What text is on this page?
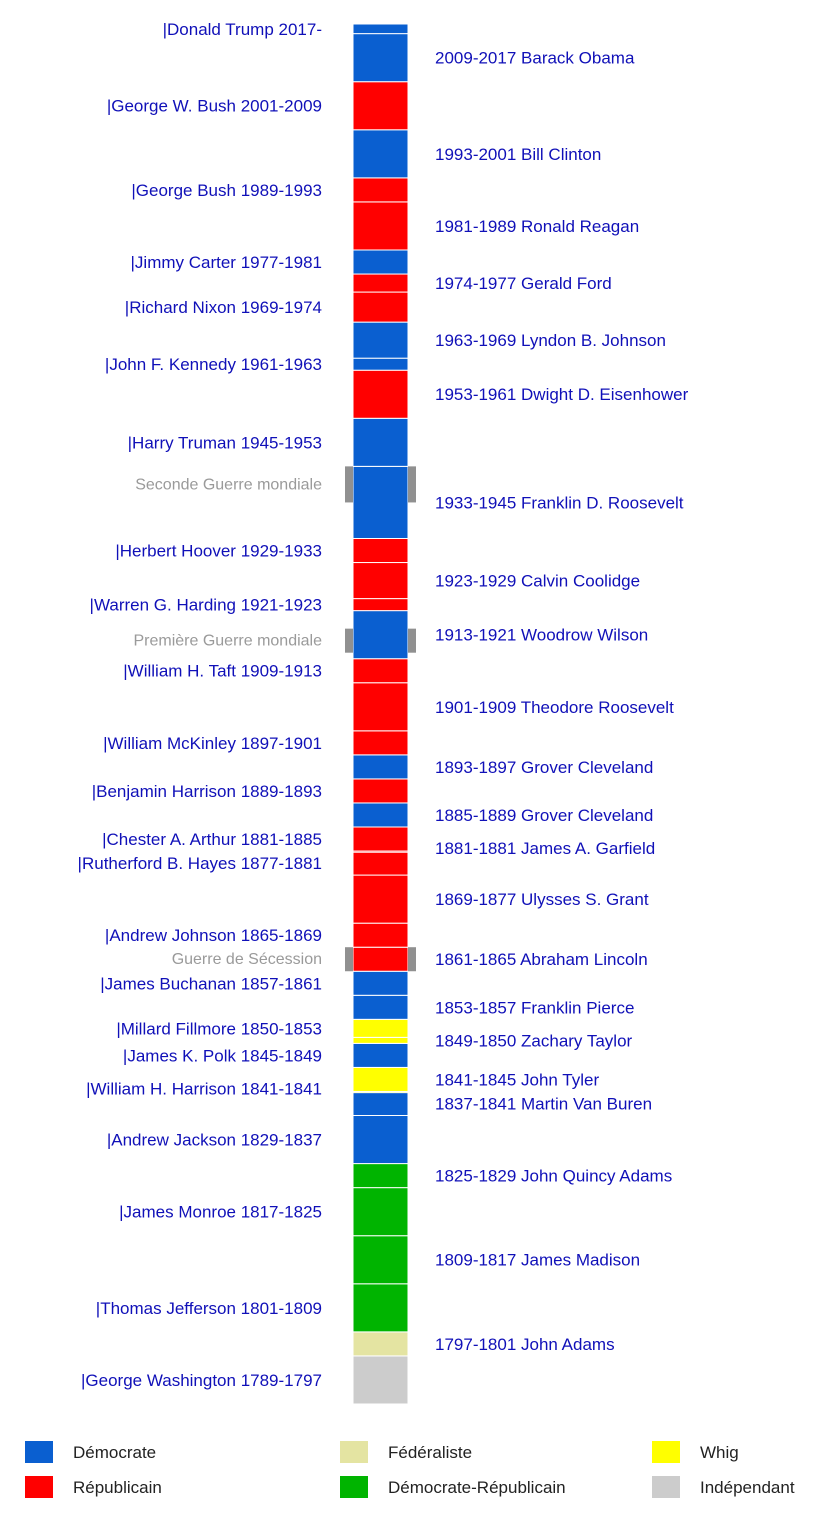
Seconde Guerre mondiale
Première Guerre mondiale
Guerre de Sécession
|George Washington 1789-1797
1797-1801 John Adams
|Thomas Jefferson 1801-1809
1809-1817 James Madison
|James Monroe 1817-1825
1825-1829 John Quincy Adams
|Andrew Jackson 1829-1837
1837-1841 Martin Van Buren
|William H. Harrison 1841-1841	1841-1845 John Tyler
|James K. Polk 1845-1849
1849-1850 Zachary Taylor
|Millard Fillmore 1850-1853
1853-1857 Franklin Pierce
|James Buchanan 1857-1861
1861-1865 Abraham Lincoln
|Andrew Johnson 1865-1869
1869-1877 Ulysses S. Grant
|Rutherford B. Hayes 1877-1881
1881-1881 James A. Garfield
|Chester A. Arthur 1881-1885
1885-1889 Grover Cleveland
|Benjamin Harrison 1889-1893
1893-1897 Grover Cleveland
|William McKinley 1897-1901
1901-1909 Theodore Roosevelt
|William H. Taft 1909-1913
1913-1921 Woodrow Wilson
|Warren G. Harding 1921-1923
1923-1929 Calvin Coolidge
|Herbert Hoover 1929-1933
1933-1945 Franklin D. Roosevelt
|Harry Truman 1945-1953
1953-1961 Dwight D. Eisenhower
|John F. Kennedy 1961-1963
1963-1969 Lyndon B. Johnson
|Richard Nixon 1969-1974
1974-1977 Gerald Ford
|Jimmy Carter 1977-1981
1981-1989 Ronald Reagan
|George Bush 1989-1993
1993-2001 Bill Clinton
|George W. Bush 2001-2009
2009-2017 Barack Obama
|Donald Trump 2017-
Démocrate	Fédéraliste	Whig
Républicain	Démocrate-Républicain	Indépendant
